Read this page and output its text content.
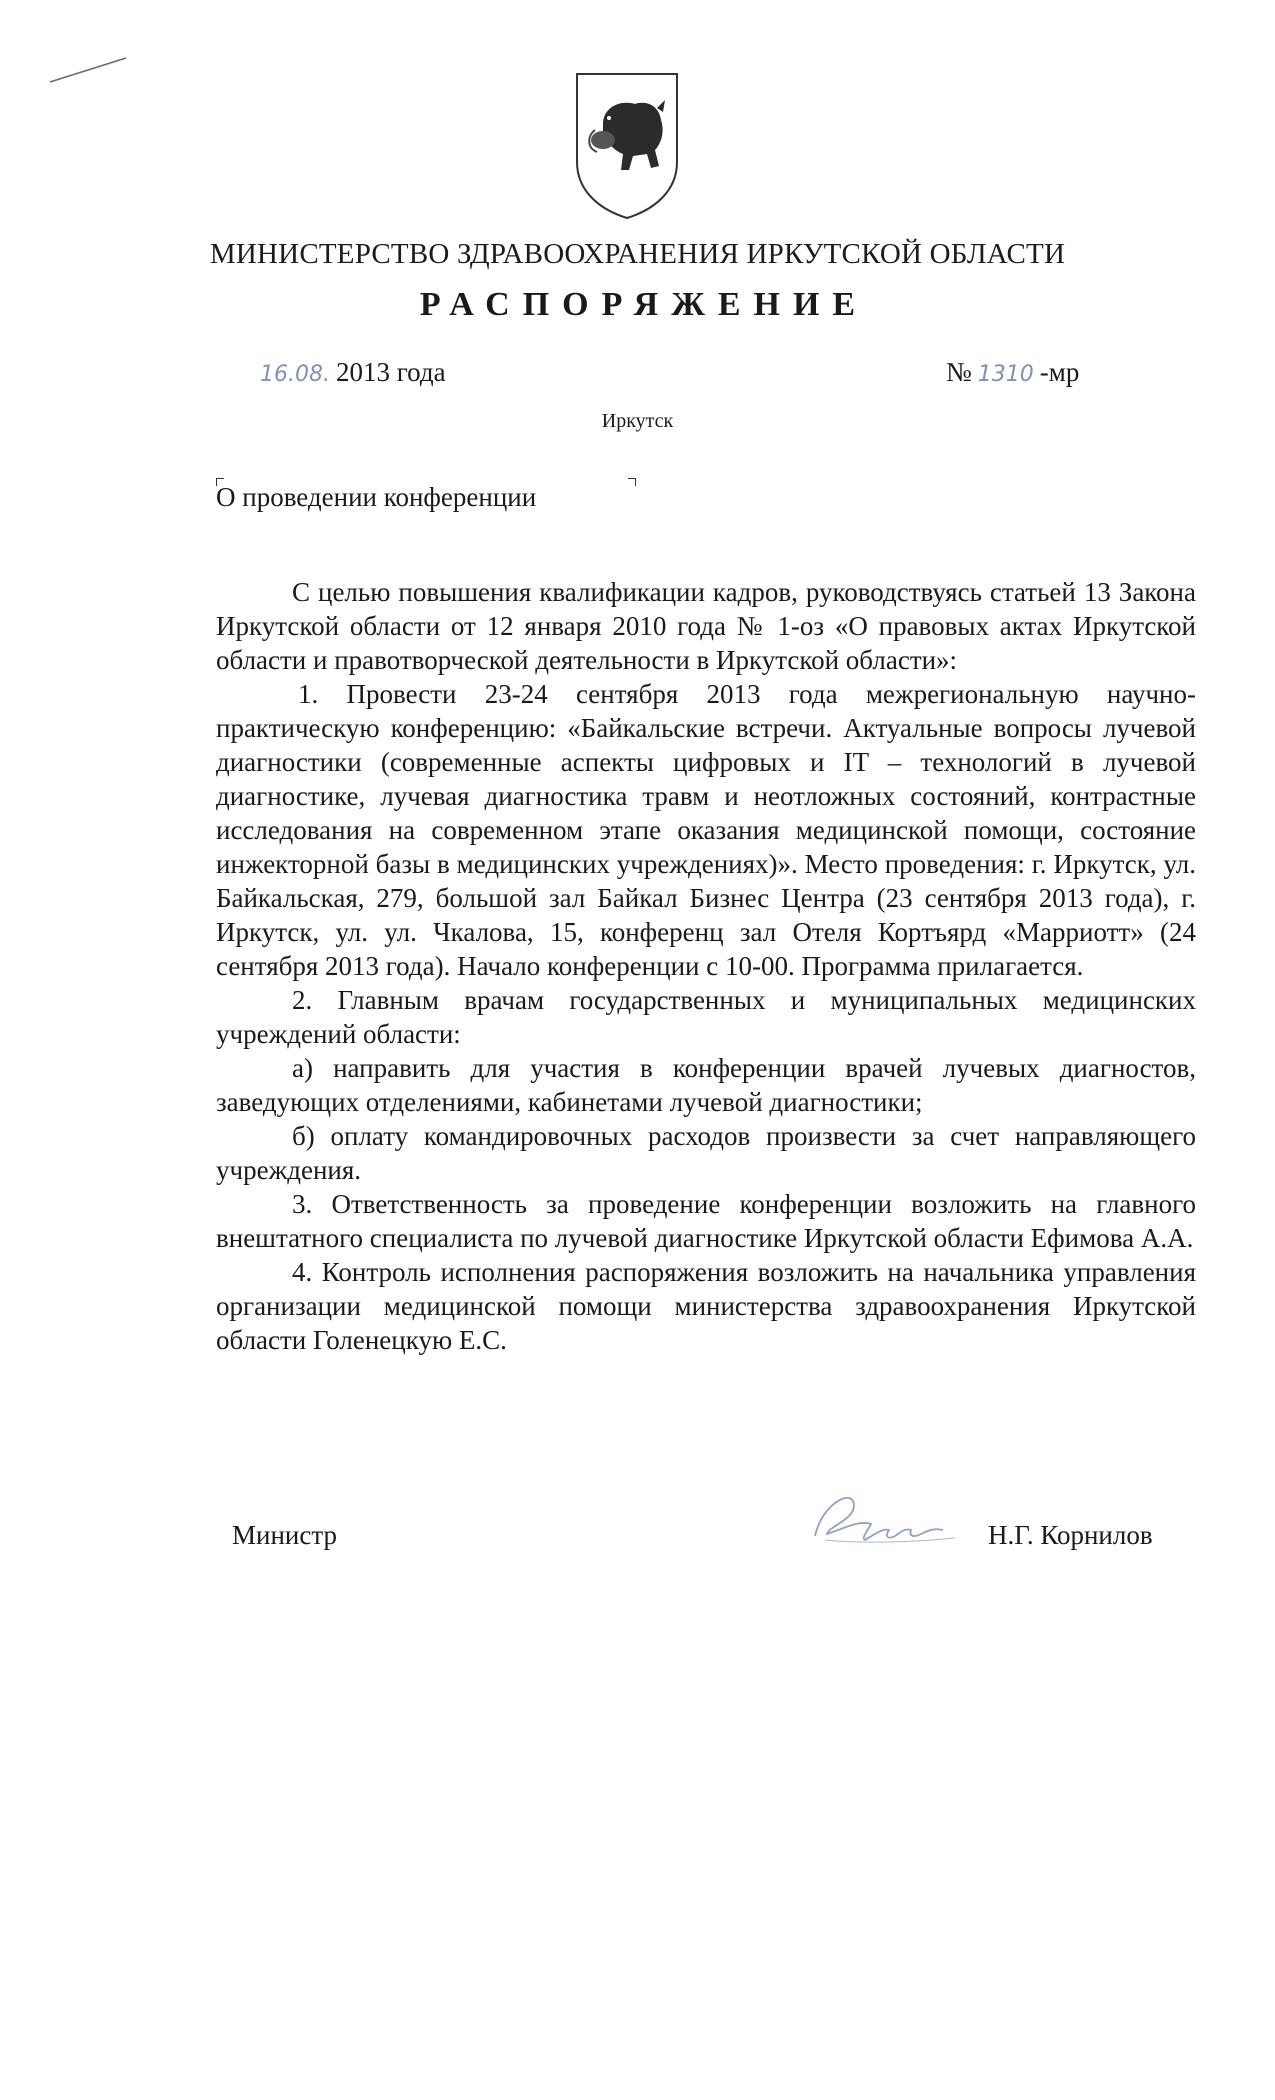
МИНИСТЕРСТВО ЗДРАВООХРАНЕНИЯ ИРКУТСКОЙ ОБЛАСТИ
РАСПОРЯЖЕНИЕ
16.08. 2013 года	№ 1310 -мр
Иркутск
О проведении конференции

С целью повышения квалификации кадров, руководствуясь статьей 13 Закона Иркутской области от 12 января 2010 года № 1-оз «О правовых актах Иркутской области и правотворческой деятельности в Иркутской области»:

1. Провести 23-24 сентября 2013 года межрегиональную научно-практическую конференцию: «Байкальские встречи. Актуальные вопросы лучевой диагностики (современные аспекты цифровых и IT – технологий в лучевой диагностике, лучевая диагностика травм и неотложных состояний, контрастные исследования на современном этапе оказания медицинской помощи, состояние инжекторной базы в медицинских учреждениях)». Место проведения: г. Иркутск, ул. Байкальская, 279, большой зал Байкал Бизнес Центра (23 сентября 2013 года), г. Иркутск, ул. ул. Чкалова, 15, конференц зал Отеля Кортъярд «Марриотт» (24 сентября 2013 года). Начало конференции с 10-00. Программа прилагается.

2. Главным врачам государственных и муниципальных медицинских учреждений области:

а) направить для участия в конференции врачей лучевых диагностов, заведующих отделениями, кабинетами лучевой диагностики;

б) оплату командировочных расходов произвести за счет направляющего учреждения.

3. Ответственность за проведение конференции возложить на главного внештатного специалиста по лучевой диагностике Иркутской области Ефимова А.А.

4. Контроль исполнения распоряжения возложить на начальника управления организации медицинской помощи министерства здравоохранения Иркутской области Голенецкую Е.С.

Министр	Н.Г. Корнилов
